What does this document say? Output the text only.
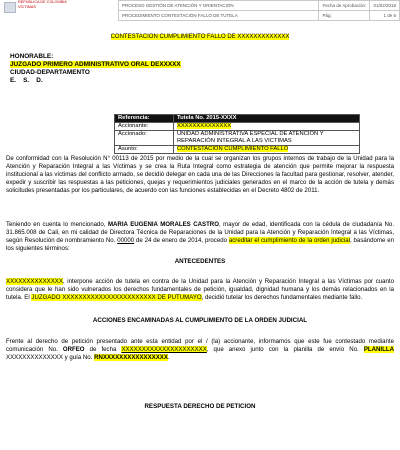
REPÚBLICA DE COLOMBIA
VÍCTIMAS	PROCESO GESTIÓN DE ATENCIÓN Y ORIENTACIÓN	Fecha de Aprobación:	01/02/2018
PROCEDIMIENTO CONTESTACIÓN FALLO DE TUTELA	Pág:	1 de 6
CONTESTACION CUMPLIMIENTO FALLO DE XXXXXXXXXXXXX
HONORABLE:
JUZGADO PRIMERO ADMINISTRATIVO ORAL DEXXXXX
CIUDAD-DEPARTAMENTO
E.    S.    D.
Referencia:	Tutela No. 2015-XXXX
Accionante:	XXXXXXXXXXXXXX
Accionado:	UNIDAD ADMINISTRATIVA ESPECIAL DE ATENCIÓN Y REPARACIÓN INTEGRAL A LAS VICTIMAS
Asunto:	CONTESTACIÓN CUMPLIMIENTO FALLO

De conformidad con la Resolución N° 00113 de 2015 por medio de la cual se organizan los grupos internos de trabajo de la Unidad para la Atención y Reparación Integral a las Víctimas y se crea la Ruta Integral como estrategia de atención que permite mejorar la respuesta institucional a las víctimas del conflicto armado, se decidió delegar en cada una de las Direcciones la facultad para gestionar, resolver, atender, expedir y suscribir las respuestas a las peticiones, quejas y requerimientos judiciales generados en el marco de la acción de tutela y demás solicitudes presentadas por los particulares, de acuerdo con las funciones establecidas en el Decreto 4802 de 2011.

Teniendo en cuenta lo mencionado, MARIA EUGENIA MORALES CASTRO, mayor de edad, identificada con la cédula de ciudadanía No. 31.865.008 de Cali, en mi calidad de Directora Técnica de Reparaciones de la Unidad para la Atención y Reparación Integral a las Víctimas, según Resolución de nombramiento No. 00000 de 24 de enero de 2014, procedo acreditar el cumplimiento de la orden judicial, basándome en los siguientes términos:

ANTECEDENTES

XXXXXXXXXXXXXX, interpone acción de tutela en contra de la Unidad para la Atención y Reparación Integral a las Víctimas por cuanto considera que le han sido vulnerados los derechos fundamentales de petición, igualdad, dignidad humana y los demás relacionados en la tutela. El JUZGADO XXXXXXXXXXXXXXXXXXXXXXX DE PUTUMAYO, decidió tutelar los derechos fundamentales mediante fallo.

ACCIONES ENCAMINADAS AL CUMPLIMIENTO DE LA ORDEN JUDICIAL

Frente al derecho de petición presentado ante esta entidad por el / (la) accionante, informamos que este fue contestado mediante comunicación No. ORFEO de fecha XXXXXXXXXXXXXXXXXXXXX, que anexo junto con la planilla de envío No. PLANILLA XXXXXXXXXXXXXX y guía No. RNXXXXXXXXXXXXXXXX.

RESPUESTA DERECHO DE PETICION
